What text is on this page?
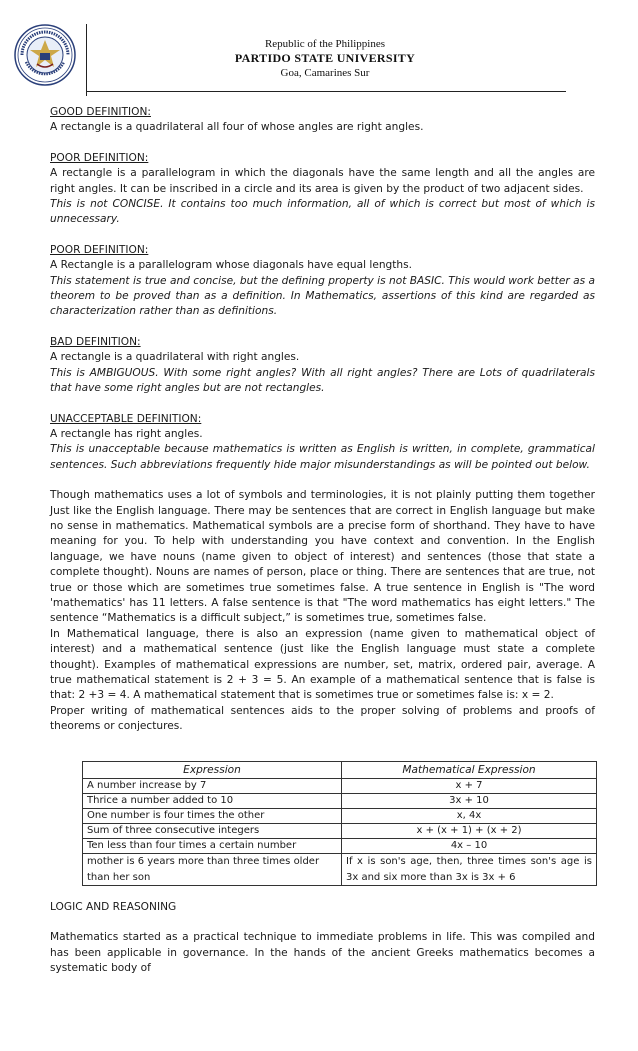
Republic of the Philippines
PARTIDO STATE UNIVERSITY
Goa, Camarines Sur

GOOD DEFINITION:

A rectangle is a quadrilateral all four of whose angles are right angles.

POOR DEFINITION:

A rectangle is a parallelogram in which the diagonals have the same length and all the angles are right angles. It can be inscribed in a circle and its area is given by the product of two adjacent sides.

This is not CONCISE. It contains too much information, all of which is correct but most of which is unnecessary.

POOR DEFINITION:

A Rectangle is a parallelogram whose diagonals have equal lengths.

This statement is true and concise, but the defining property is not BASIC. This would work better as a theorem to be proved than as a definition. In Mathematics, assertions of this kind are regarded as characterization rather than as definitions.

BAD DEFINITION:

A rectangle is a quadrilateral with right angles.

This is AMBIGUOUS. With some right angles? With all right angles? There are Lots of quadrilaterals that have some right angles but are not rectangles.

UNACCEPTABLE DEFINITION:

A rectangle has right angles.

This is unacceptable because mathematics is written as English is written, in complete, grammatical sentences. Such abbreviations frequently hide major misunderstandings as will be pointed out below.

Though mathematics uses a lot of symbols and terminologies, it is not plainly putting them together Just like the English language. There may be sentences that are correct in English language but make no sense in mathematics. Mathematical symbols are a precise form of shorthand. They have to have meaning for you. To help with understanding you have context and convention. In the English language, we have nouns (name given to object of interest) and sentences (those that state a complete thought). Nouns are names of person, place or thing. There are sentences that are true, not true or those which are sometimes true sometimes false. A true sentence in English is "The word 'mathematics' has 11 letters. A false sentence is that "The word mathematics has eight letters." The sentence “Mathematics is a difficult subject,” is sometimes true, sometimes false.

In Mathematical language, there is also an expression (name given to mathematical object of interest) and a mathematical sentence (just like the English language must state a complete thought). Examples of mathematical expressions are number, set, matrix, ordered pair, average. A true mathematical statement is 2 + 3 = 5. An example of a mathematical sentence that is false is that: 2 +3 = 4. A mathematical statement that is sometimes true or sometimes false is: x = 2.

Proper writing of mathematical sentences aids to the proper solving of problems and proofs of theorems or conjectures.

Expression	Mathematical Expression
A number increase by 7	x + 7
Thrice a number added to 10	3x + 10
One number is four times the other	x, 4x
Sum of three consecutive integers	x + (x + 1) + (x + 2)
Ten less than four times a certain number	4x – 10
mother is 6 years more than three times older than her son	If x is son's age, then, three times son's age is 3x and six more than 3x is 3x + 6

LOGIC AND REASONING

Mathematics started as a practical technique to immediate problems in life. This was compiled and has been applicable in governance. In the hands of the ancient Greeks mathematics becomes a systematic body of
